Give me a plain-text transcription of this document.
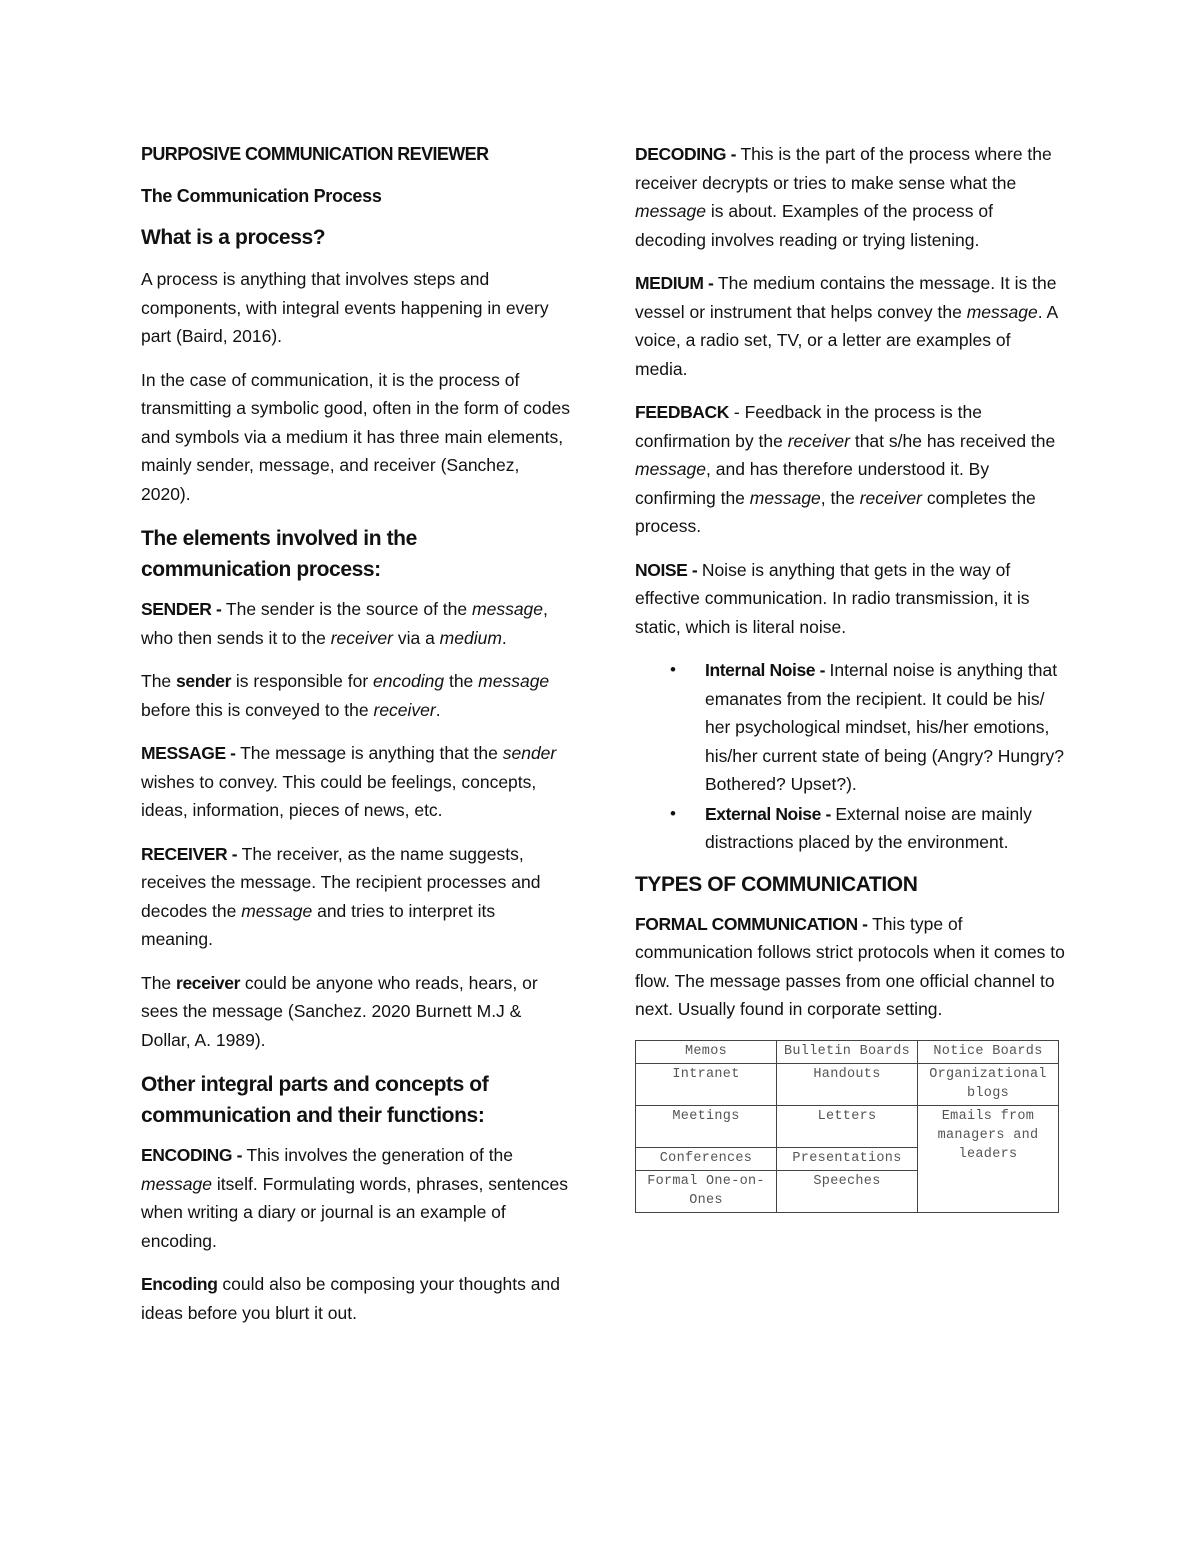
PURPOSIVE COMMUNICATION REVIEWER
The Communication Process
What is a process?

A process is anything that involves steps and components, with integral events happening in every part (Baird, 2016).

In the case of communication, it is the process of transmitting a symbolic good, often in the form of codes and symbols via a medium it has three main elements, mainly sender, message, and receiver (Sanchez, 2020).

The elements involved in the communication process:

SENDER - The sender is the source of the message, who then sends it to the receiver via a medium.

The sender is responsible for encoding the message before this is conveyed to the receiver.

MESSAGE - The message is anything that the sender wishes to convey. This could be feelings, concepts, ideas, information, pieces of news, etc.

RECEIVER - The receiver, as the name suggests, receives the message. The recipient processes and decodes the message and tries to interpret its meaning.

The receiver could be anyone who reads, hears, or sees the message (Sanchez. 2020 Burnett M.J & Dollar, A. 1989).

Other integral parts and concepts of communication and their functions:

ENCODING - This involves the generation of the message itself. Formulating words, phrases, sentences when writing a diary or journal is an example of encoding.

Encoding could also be composing your thoughts and ideas before you blurt it out.

DECODING - This is the part of the process where the receiver decrypts or tries to make sense what the message is about. Examples of the process of decoding involves reading or trying listening.

MEDIUM - The medium contains the message. It is the vessel or instrument that helps convey the message. A voice, a radio set, TV, or a letter are examples of media.

FEEDBACK - Feedback in the process is the confirmation by the receiver that s/he has received the message, and has therefore understood it. By confirming the message, the receiver completes the process.

NOISE - Noise is anything that gets in the way of effective communication. In radio transmission, it is static, which is literal noise.

• Internal Noise - Internal noise is anything that emanates from the recipient. It could be his/ her psychological mindset, his/her emotions, his/her current state of being (Angry? Hungry? Bothered? Upset?).
• External Noise - External noise are mainly distractions placed by the environment.
TYPES OF COMMUNICATION

FORMAL COMMUNICATION - This type of communication follows strict protocols when it comes to flow. The message passes from one official channel to next. Usually found in corporate setting.

Memos	Bulletin Boards	Notice Boards
Intranet	Handouts	Organizational blogs
Meetings	Letters	Emails from managers and leaders
Conferences	Presentations	
Formal One-on-Ones	Speeches	
